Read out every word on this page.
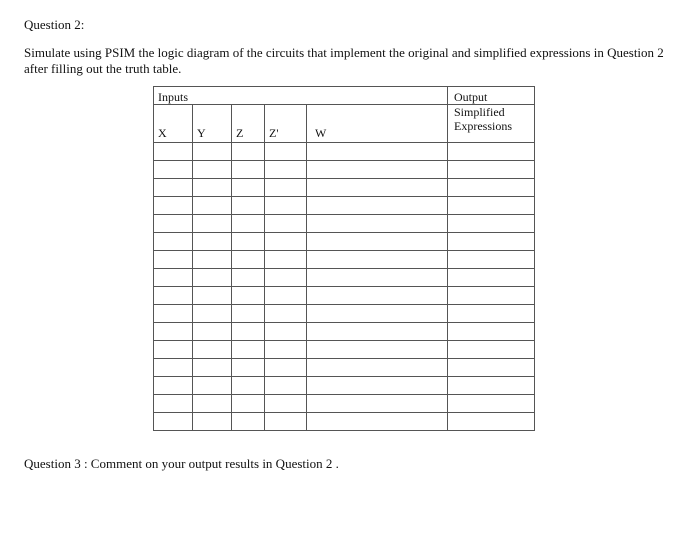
Question 2:
Simulate using PSIM the logic diagram of the circuits that implement the original and simplified expressions in Question 2 after filling out the truth table.
Inputs					Output
X	Y	Z	Z'	W	Simplified
Expressions

Question 3 : Comment on your output results in Question 2 .
